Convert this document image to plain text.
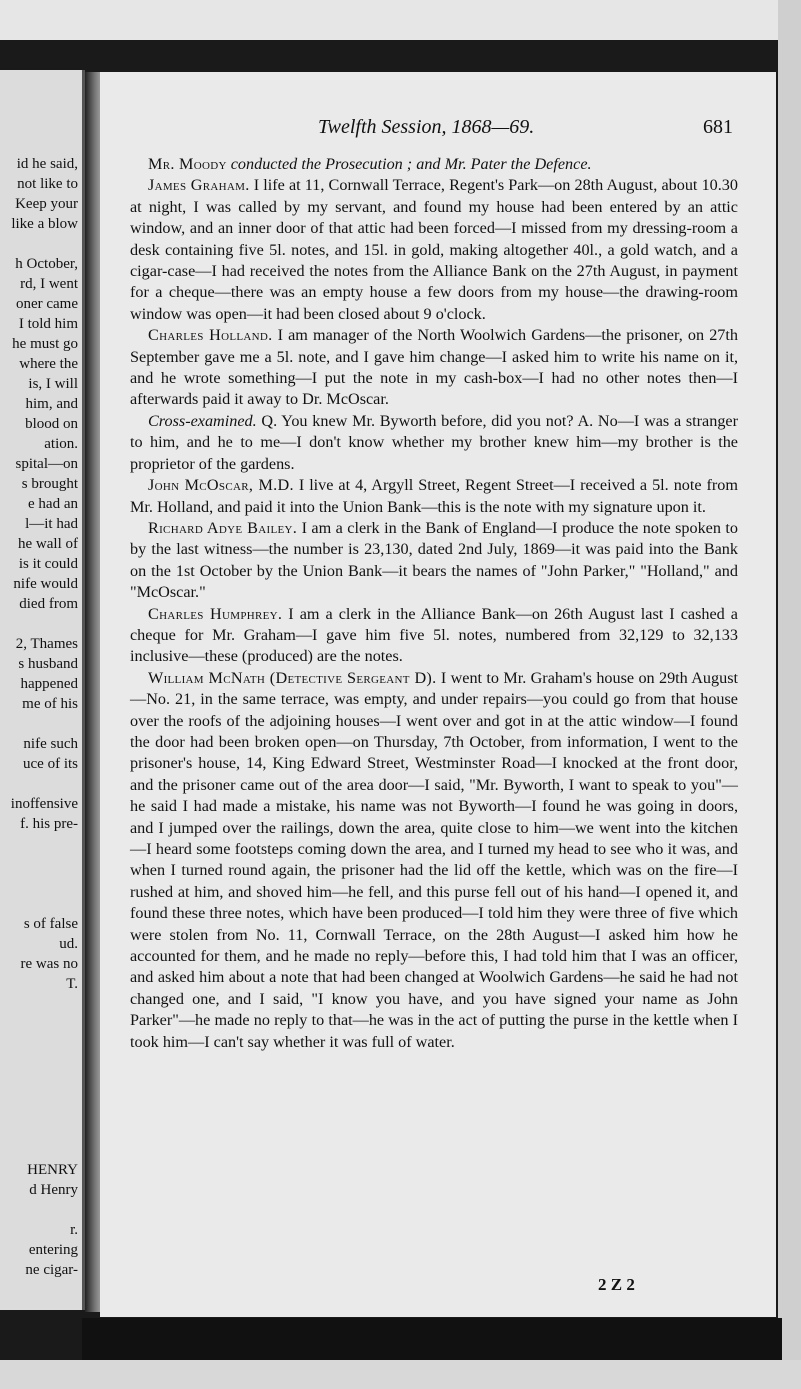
id he said,
not like to
Keep your
like a blow

h October,
rd, I went
oner came
I told him
he must go
where the
is, I will
him, and
blood on
ation.
spital—on
s brought
e had an
l—it had
he wall of
is it could
nife would
died from

2, Thames
s husband
happened
me of his

nife such
uce of its

inoffensive
f. his pre-

s of false
ud.
re was no
T.
HENRY
d Henry

r.
entering
ne cigar-
Twelfth Session, 1868—69.	681

Mr. Moody conducted the Prosecution ; and Mr. Pater the Defence.

James Graham. I life at 11, Cornwall Terrace, Regent's Park—on 28th August, about 10.30 at night, I was called by my servant, and found my house had been entered by an attic window, and an inner door of that attic had been forced—I missed from my dressing-room a desk containing five 5l. notes, and 15l. in gold, making altogether 40l., a gold watch, and a cigar-case—I had received the notes from the Alliance Bank on the 27th August, in payment for a cheque—there was an empty house a few doors from my house—the drawing-room window was open—it had been closed about 9 o'clock.

Charles Holland. I am manager of the North Woolwich Gardens—the prisoner, on 27th September gave me a 5l. note, and I gave him change—I asked him to write his name on it, and he wrote something—I put the note in my cash-box—I had no other notes then—I afterwards paid it away to Dr. McOscar.

Cross-examined. Q. You knew Mr. Byworth before, did you not? A. No—I was a stranger to him, and he to me—I don't know whether my brother knew him—my brother is the proprietor of the gardens.

John McOscar, M.D. I live at 4, Argyll Street, Regent Street—I received a 5l. note from Mr. Holland, and paid it into the Union Bank—this is the note with my signature upon it.

Richard Adye Bailey. I am a clerk in the Bank of England—I produce the note spoken to by the last witness—the number is 23,130, dated 2nd July, 1869—it was paid into the Bank on the 1st October by the Union Bank—it bears the names of "John Parker," "Holland," and "McOscar."

Charles Humphrey. I am a clerk in the Alliance Bank—on 26th August last I cashed a cheque for Mr. Graham—I gave him five 5l. notes, numbered from 32,129 to 32,133 inclusive—these (produced) are the notes.

William McNath (Detective Sergeant D). I went to Mr. Graham's house on 29th August—No. 21, in the same terrace, was empty, and under repairs—you could go from that house over the roofs of the adjoining houses—I went over and got in at the attic window—I found the door had been broken open—on Thursday, 7th October, from information, I went to the prisoner's house, 14, King Edward Street, Westminster Road—I knocked at the front door, and the prisoner came out of the area door—I said, "Mr. Byworth, I want to speak to you"—he said I had made a mistake, his name was not Byworth—I found he was going in doors, and I jumped over the railings, down the area, quite close to him—we went into the kitchen—I heard some footsteps coming down the area, and I turned my head to see who it was, and when I turned round again, the prisoner had the lid off the kettle, which was on the fire—I rushed at him, and shoved him—he fell, and this purse fell out of his hand—I opened it, and found these three notes, which have been produced—I told him they were three of five which were stolen from No. 11, Cornwall Terrace, on the 28th August—I asked him how he accounted for them, and he made no reply—before this, I had told him that I was an officer, and asked him about a note that had been changed at Woolwich Gardens—he said he had not changed one, and I said, "I know you have, and you have signed your name as John Parker"—he made no reply to that—he was in the act of putting the purse in the kettle when I took him—I can't say whether it was full of water.

2 Z 2
